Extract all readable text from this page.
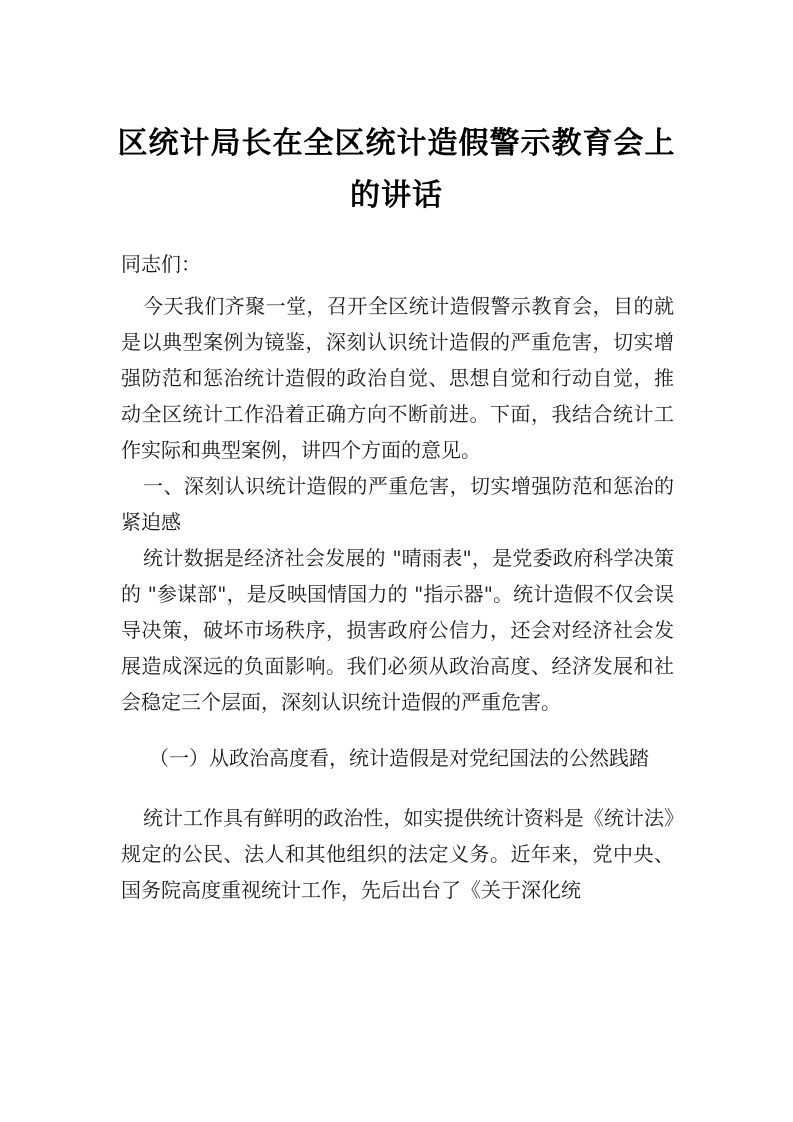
区统计局长在全区统计造假警示教育会上
的讲话

同志们：

今天我们齐聚一堂，召开全区统计造假警示教育会，目的就是以典型案例为镜鉴，深刻认识统计造假的严重危害，切实增强防范和惩治统计造假的政治自觉、思想自觉和行动自觉，推动全区统计工作沿着正确方向不断前进。下面，我结合统计工作实际和典型案例，讲四个方面的意见。

一、深刻认识统计造假的严重危害，切实增强防范和惩治的紧迫感

统计数据是经济社会发展的 "晴雨表"，是党委政府科学决策的 "参谋部"，是反映国情国力的 "指示器"。统计造假不仅会误导决策，破坏市场秩序，损害政府公信力，还会对经济社会发展造成深远的负面影响。我们必须从政治高度、经济发展和社会稳定三个层面，深刻认识统计造假的严重危害。

（一）从政治高度看，统计造假是对党纪国法的公然践踏

统计工作具有鲜明的政治性，如实提供统计资料是《统计法》规定的公民、法人和其他组织的法定义务。近年来，党中央、国务院高度重视统计工作，先后出台了《关于深化统
